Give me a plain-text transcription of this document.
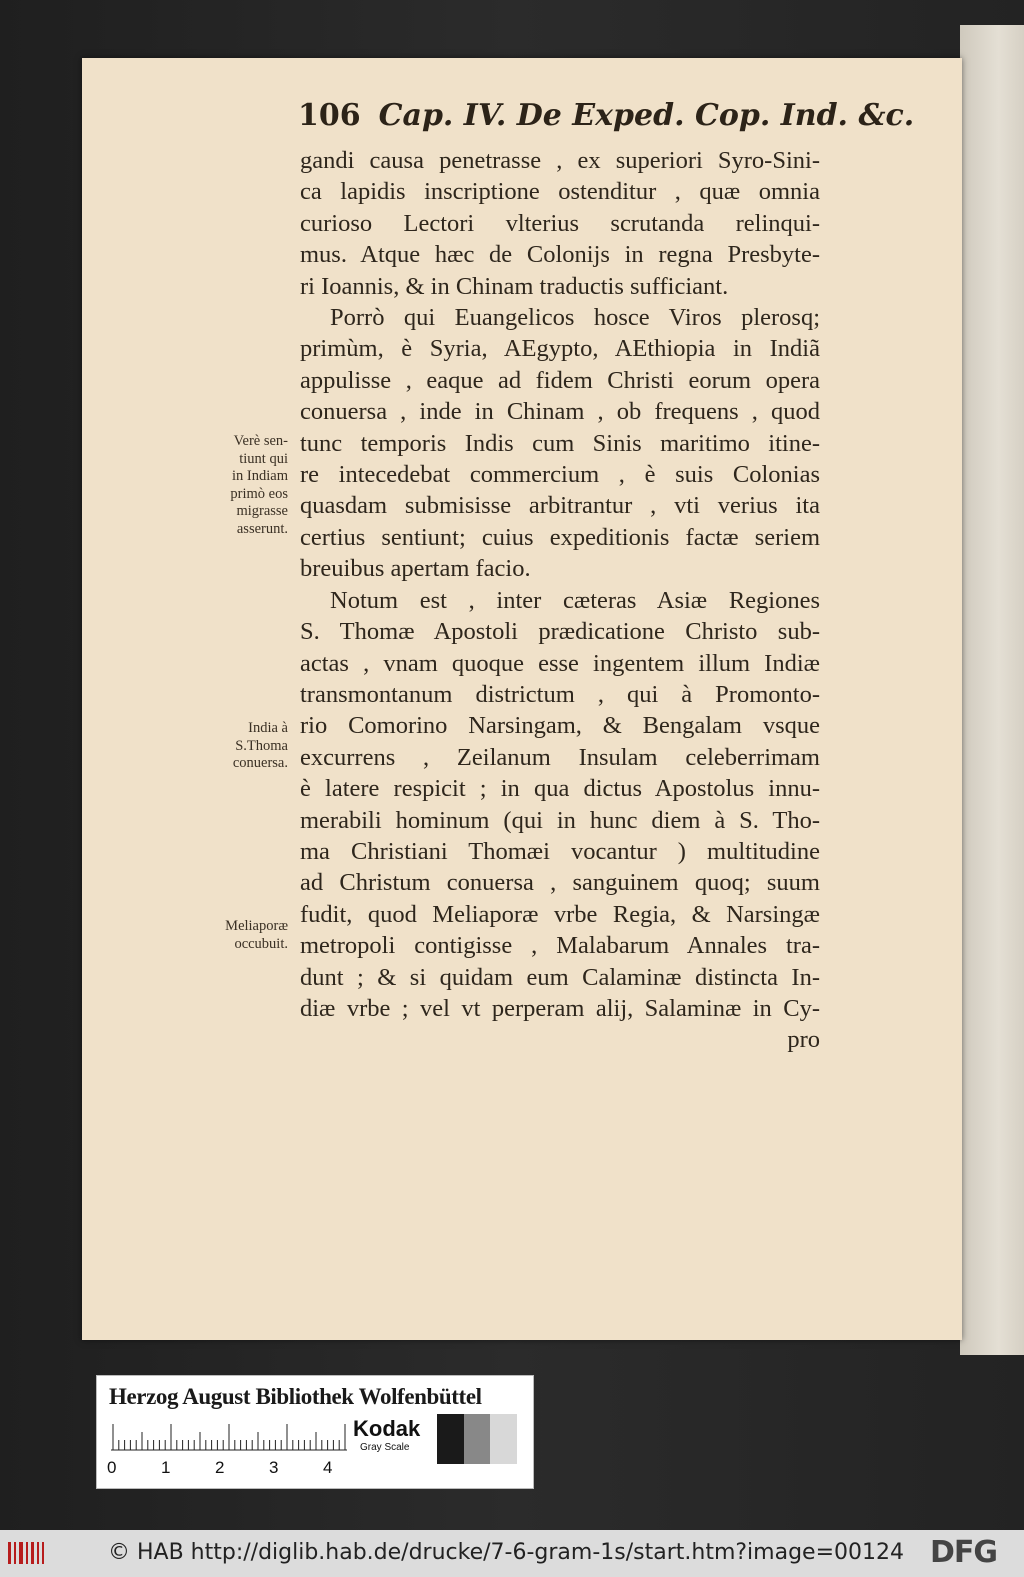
106 Cap. IV. De Exped. Cop. Ind. &c.
gandi causa penetrasse , ex superiori Syro-Sini-
ca lapidis inscriptione ostenditur , quæ omnia
curioso Lectori vlterius scrutanda relinqui-
mus. Atque hæc de Colonijs in regna Presbyte-
ri Ioannis, & in Chinam traductis sufficiant.
Porrò qui Euangelicos hosce Viros plerosq;
primùm, è Syria, AEgypto, AEthiopia in Indiã
appulisse , eaque ad fidem Christi eorum opera
conuersa , inde in Chinam , ob frequens , quod
tunc temporis Indis cum Sinis maritimo itine-
re intecedebat commercium , è suis Colonias
quasdam submisisse arbitrantur , vti verius ita
certius sentiunt; cuius expeditionis factæ seriem
breuibus apertam facio.
Notum est , inter cæteras Asiæ Regiones
S. Thomæ Apostoli prædicatione Christo sub-
actas , vnam quoque esse ingentem illum Indiæ
transmontanum districtum , qui à Promonto-
rio Comorino Narsingam, & Bengalam vsque
excurrens , Zeilanum Insulam celeberrimam
è latere respicit ; in qua dictus Apostolus innu-
merabili hominum (qui in hunc diem à S. Tho-
ma Christiani Thomæi vocantur ) multitudine
ad Christum conuersa , sanguinem quoq; suum
fudit, quod Meliaporæ vrbe Regia, & Narsingæ
metropoli contigisse , Malabarum Annales tra-
dunt ; & si quidam eum Calaminæ distincta In-
diæ vrbe ; vel vt perperam alij, Salaminæ in Cy-
pro
Verè sen-
tiunt qui
in Indiam
primò eos
migrasse
asserunt.
India à
S.Thoma
conuersa.
Meliaporæ
occubuit.
Herzog August Bibliothek Wolfenbüttel
0	1	2	3	4
Kodak
Gray Scale
© HAB http://diglib.hab.de/drucke/7-6-gram-1s/start.htm?image=00124 DFG
